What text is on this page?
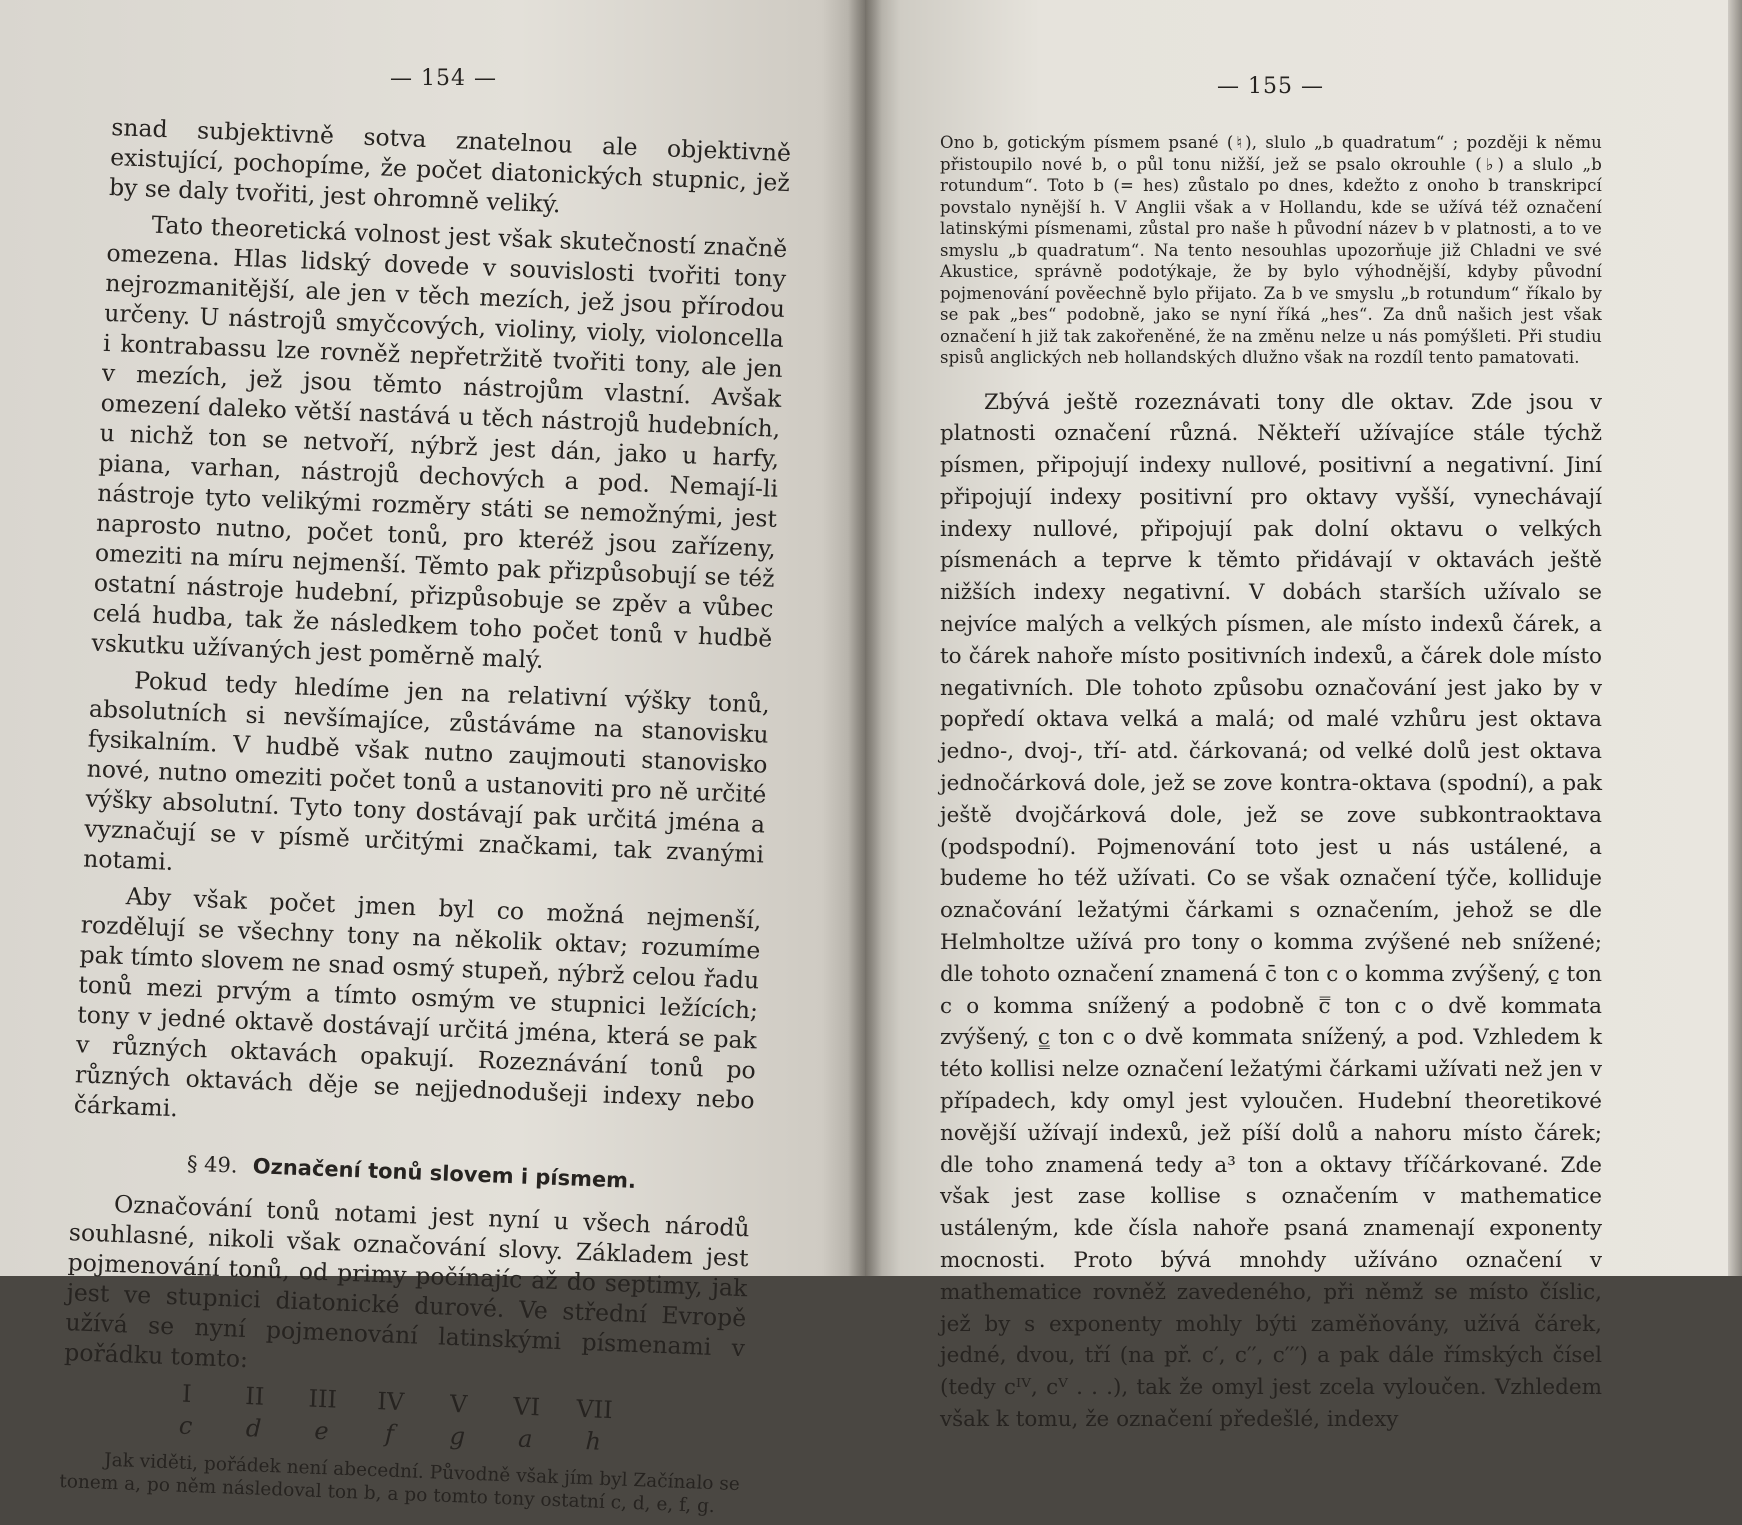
— 154 —

snad subjektivně sotva znatelnou ale objektivně existující, pochopíme, že počet diatonických stupnic, jež by se daly tvořiti, jest ohromně veliký.

Tato theoretická volnost jest však skutečností značně omezena. Hlas lidský dovede v souvislosti tvořiti tony nejrozmanitější, ale jen v těch mezích, jež jsou přírodou určeny. U nástrojů smyčcových, violiny, violy, violoncella i kontrabassu lze rovněž nepřetržitě tvořiti tony, ale jen v mezích, jež jsou těmto nástrojům vlastní. Avšak omezení daleko větší nastává u těch nástrojů hudebních, u nichž ton se netvoří, nýbrž jest dán, jako u harfy, piana, varhan, nástrojů dechových a pod. Nemají-li nástroje tyto velikými rozměry státi se nemožnými, jest naprosto nutno, počet tonů, pro kteréž jsou zařízeny, omeziti na míru nejmenší. Těmto pak přizpůsobují se též ostatní nástroje hudební, přizpůsobuje se zpěv a vůbec celá hudba, tak že následkem toho počet tonů v hudbě vskutku užívaných jest poměrně malý.

Pokud tedy hledíme jen na relativní výšky tonů, absolutních si nevšímajíce, zůstáváme na stanovisku fysikalním. V hudbě však nutno zaujmouti stanovisko nové, nutno omeziti počet tonů a ustanoviti pro ně určité výšky absolutní. Tyto tony dostávají pak určitá jména a vyznačují se v písmě určitými značkami, tak zvanými notami.

Aby však počet jmen byl co možná nejmenší, rozdělují se všechny tony na několik oktav; rozumíme pak tímto slovem ne snad osmý stupeň, nýbrž celou řadu tonů mezi prvým a tímto osmým ve stupnici ležících; tony v jedné oktavě dostávají určitá jména, která se pak v různých oktavách opakují. Rozeznávání tonů po různých oktavách děje se nejjednodušeji indexy nebo čárkami.

§ 49. Označení tonů slovem i písmem.

Označování tonů notami jest nyní u všech národů souhlasné, nikoli však označování slovy. Základem jest pojmenování tonů, od primy počínajíc až do septimy, jak jest ve stupnici diatonické durové. Ve střední Evropě užívá se nyní pojmenování latinskými písmenami v pořádku tomto:

I	II	III	IV	V	VI	VII
c	d	e	f	g	a	h

Jak viděti, pořádek není abecední. Původně však jím byl Začínalo se tonem a, po něm následoval ton b, a po tomto tony ostatní c, d, e, f, g.

— 155 —

Ono b, gotickým písmem psané (♮), slulo „b quadratum“ ; později k němu přistoupilo nové b, o půl tonu nižší, jež se psalo okrouhle (♭) a slulo „b rotundum“. Toto b (= hes) zůstalo po dnes, kdežto z onoho b transkripcí povstalo nynější h. V Anglii však a v Hollandu, kde se užívá též označení latinskými písmenami, zůstal pro naše h původní název b v platnosti, a to ve smyslu „b quadratum“. Na tento nesouhlas upozorňuje již Chladni ve své Akustice, správně podotýkaje, že by bylo výhodnější, kdyby původní pojmenování pověechně bylo přijato. Za b ve smyslu „b rotundum“ říkalo by se pak „bes“ podobně, jako se nyní říká „hes“. Za dnů našich jest však označení h již tak zakořeněné, že na změnu nelze u nás pomýšleti. Při studiu spisů anglických neb hollandských dlužno však na rozdíl tento pamatovati.

Zbývá ještě rozeznávati tony dle oktav. Zde jsou v platnosti označení různá. Někteří užívajíce stále týchž písmen, připojují indexy nullové, positivní a negativní. Jiní připojují indexy positivní pro oktavy vyšší, vynechávají indexy nullové, připojují pak dolní oktavu o velkých písmenách a teprve k těmto přidávají v oktavách ještě nižších indexy negativní. V dobách starších užívalo se nejvíce malých a velkých písmen, ale místo indexů čárek, a to čárek nahoře místo positivních indexů, a čárek dole místo negativních. Dle tohoto způsobu označování jest jako by v popředí oktava velká a malá; od malé vzhůru jest oktava jedno-, dvoj-, tří- atd. čárkovaná; od velké dolů jest oktava jednočárková dole, jež se zove kontra-oktava (spodní), a pak ještě dvojčárková dole, jež se zove subkontraoktava (podspodní). Pojmenování toto jest u nás ustálené, a budeme ho též užívati. Co se však označení týče, kolliduje označování ležatými čárkami s označením, jehož se dle Helmholtze užívá pro tony o komma zvýšené neb snížené; dle tohoto označení znamená c̄ ton c o komma zvýšený, c̱ ton c o komma snížený a podobně c̿ ton c o dvě kommata zvýšený, c̳ ton c o dvě kommata snížený, a pod. Vzhledem k této kollisi nelze označení ležatými čárkami užívati než jen v případech, kdy omyl jest vyloučen. Hudební theoretikové novější užívají indexů, jež píší dolů a nahoru místo čárek; dle toho znamená tedy a³ ton a oktavy tříčárkované. Zde však jest zase kollise s označením v mathematice ustáleným, kde čísla nahoře psaná znamenají exponenty mocnosti. Proto bývá mnohdy užíváno označení v mathematice rovněž zavedeného, při němž se místo číslic, jež by s exponenty mohly býti zaměňovány, užívá čárek, jedné, dvou, tří (na př. c′, c′′, c′′′) a pak dále římských čísel (tedy cᴵⱽ, cⱽ . . .), tak že omyl jest zcela vyloučen. Vzhledem však k tomu, že označení předešlé, indexy
